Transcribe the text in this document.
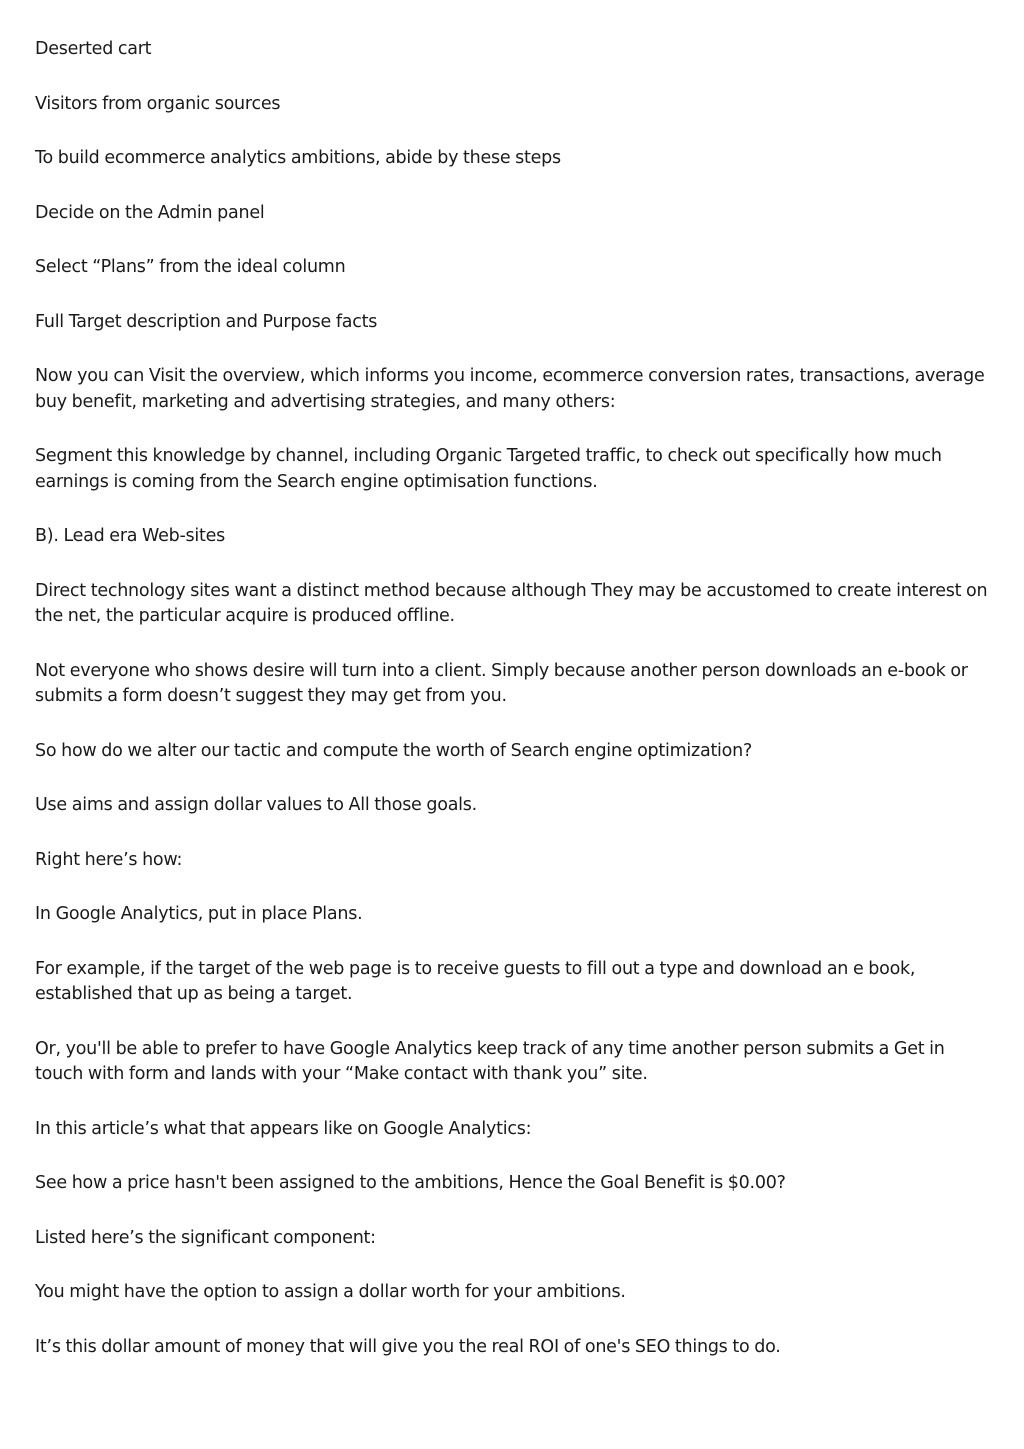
Deserted cart

Visitors from organic sources

To build ecommerce analytics ambitions, abide by these steps

Decide on the Admin panel

Select “Plans” from the ideal column

Full Target description and Purpose facts

Now you can Visit the overview, which informs you income, ecommerce conversion rates, transactions, average buy benefit, marketing and advertising strategies, and many others:

Segment this knowledge by channel, including Organic Targeted traffic, to check out specifically how much earnings is coming from the Search engine optimisation functions.

B). Lead era Web-sites

Direct technology sites want a distinct method because although They may be accustomed to create interest on the net, the particular acquire is produced offline.

Not everyone who shows desire will turn into a client. Simply because another person downloads an e-book or submits a form doesn’t suggest they may get from you.

So how do we alter our tactic and compute the worth of Search engine optimization?

Use aims and assign dollar values to All those goals.

Right here’s how:

In Google Analytics, put in place Plans.

For example, if the target of the web page is to receive guests to fill out a type and download an e book, established that up as being a target.

Or, you'll be able to prefer to have Google Analytics keep track of any time another person submits a Get in touch with form and lands with your “Make contact with thank you” site.

In this article’s what that appears like on Google Analytics:

See how a price hasn't been assigned to the ambitions, Hence the Goal Benefit is $0.00?

Listed here’s the significant component:

You might have the option to assign a dollar worth for your ambitions.

It’s this dollar amount of money that will give you the real ROI of one's SEO things to do.
